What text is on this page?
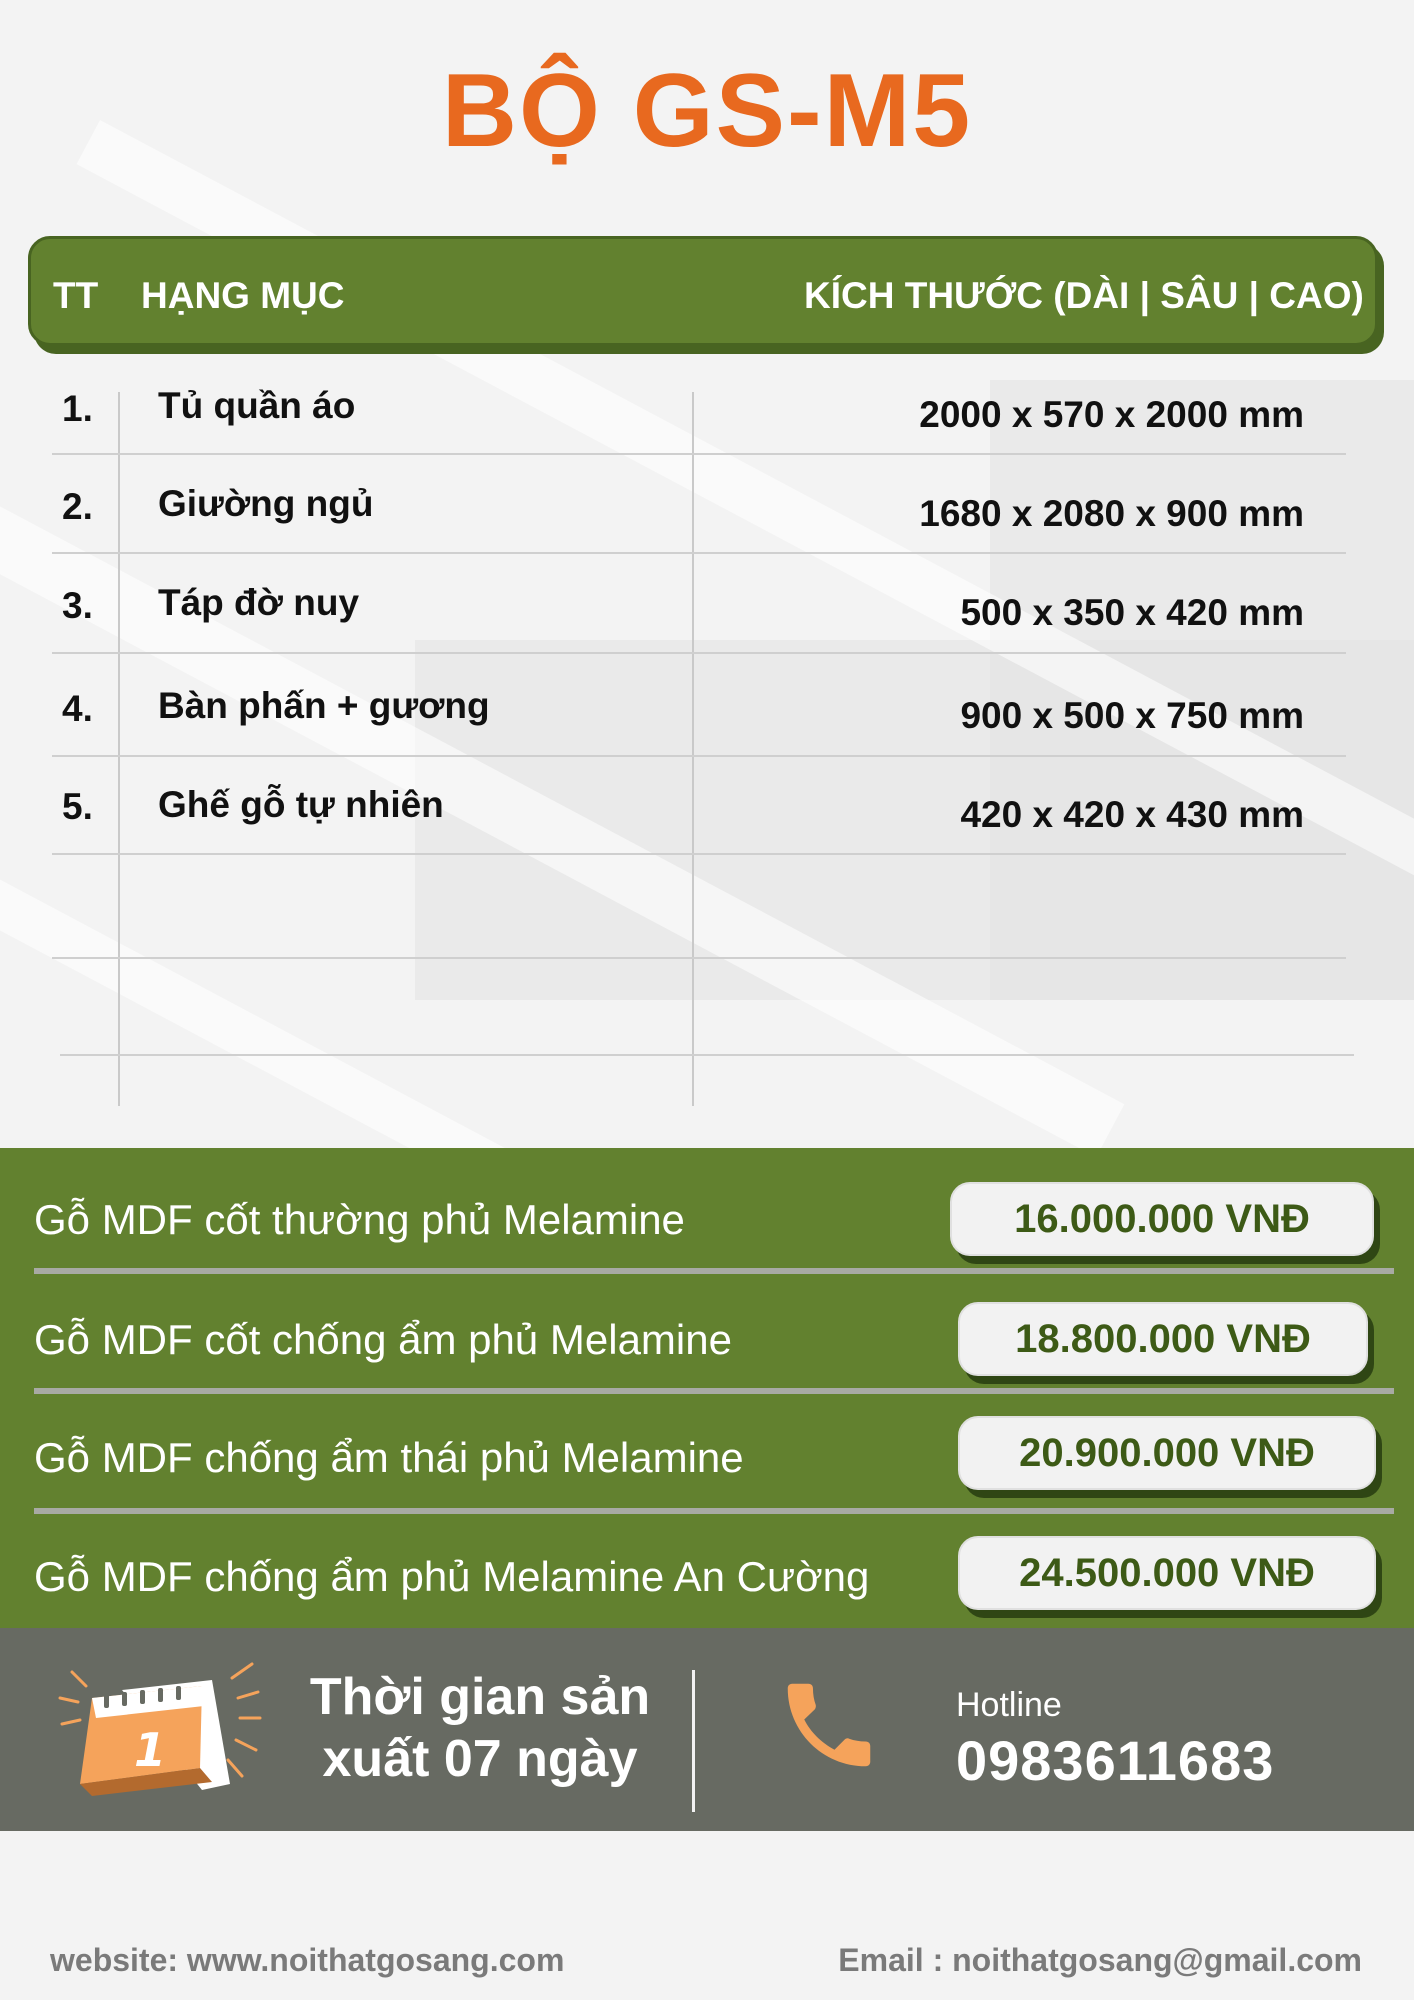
BỘ GS-M5
TT HẠNG MỤC	KÍCH THƯỚC (DÀI | SÂU | CAO)
1. Tủ quần áo	2000 x 570 x 2000 mm
2. Giường ngủ	1680 x 2080 x 900 mm
3. Táp đờ nuy	500 x 350 x 420 mm
4. Bàn phấn + gương	900 x 500 x 750 mm
5. Ghế gỗ tự nhiên	420 x 420 x 430 mm
Gỗ MDF cốt thường phủ Melamine	16.000.000 VNĐ
Gỗ MDF cốt chống ẩm phủ Melamine	18.800.000 VNĐ
Gỗ MDF chống ẩm thái phủ Melamine	20.900.000 VNĐ
Gỗ MDF chống ẩm phủ Melamine An Cường	24.500.000 VNĐ
1
Thời gian sản xuất 07 ngày
Hotline
0983611683
website: www.noithatgosang.com	Email : noithatgosang@gmail.com
